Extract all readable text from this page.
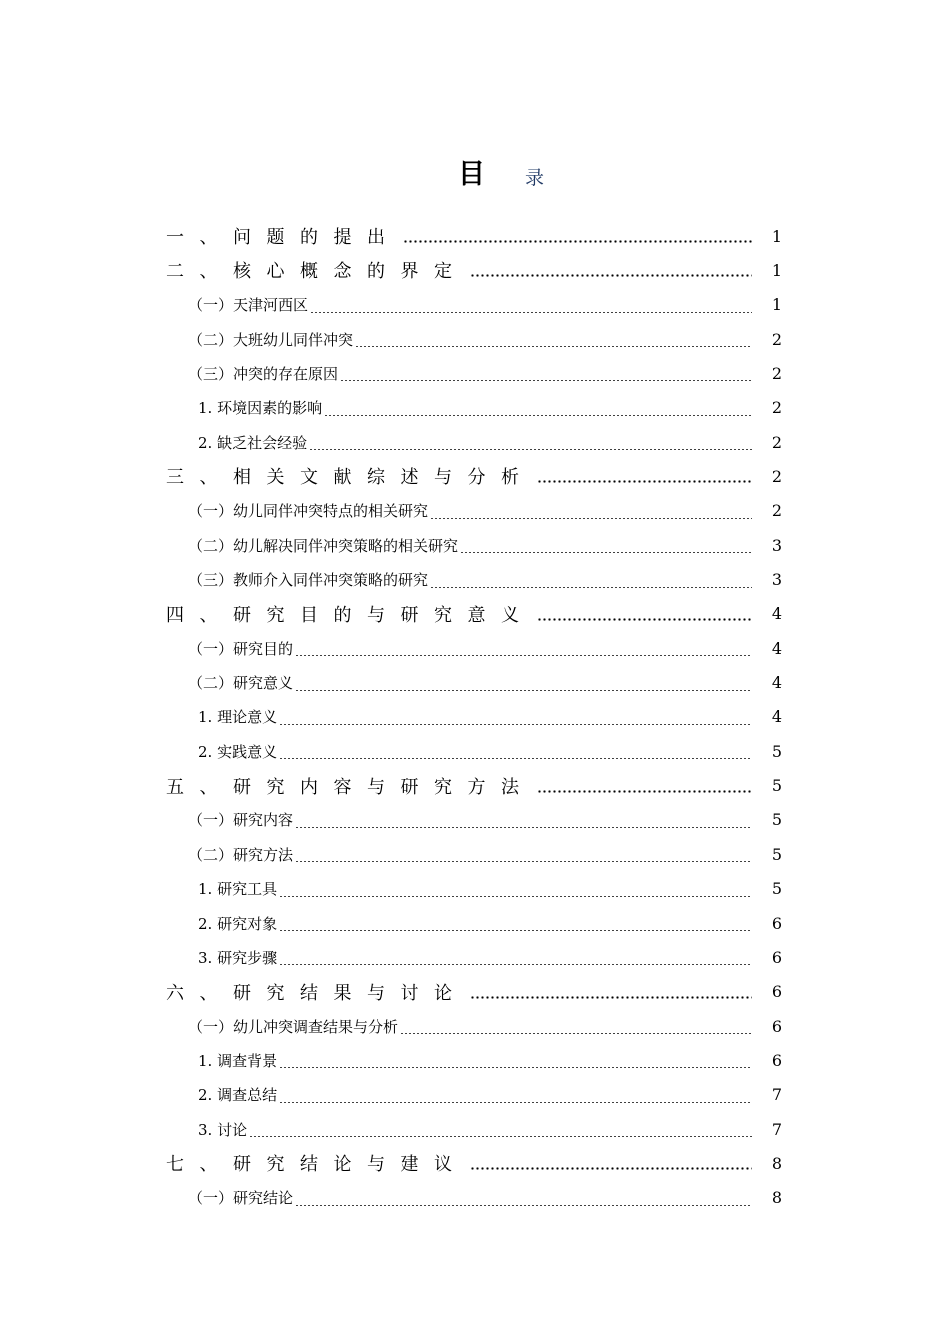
目 录
一、问题的提出	1
二、核心概念的界定	1
（一）天津河西区	1
（二）大班幼儿同伴冲突	2
（三）冲突的存在原因	2
1. 环境因素的影响	2
2. 缺乏社会经验	2
三、相关文献综述与分析	2
（一）幼儿同伴冲突特点的相关研究	2
（二）幼儿解决同伴冲突策略的相关研究	3
（三）教师介入同伴冲突策略的研究	3
四、研究目的与研究意义	4
（一）研究目的	4
（二）研究意义	4
1. 理论意义	4
2. 实践意义	5
五、研究内容与研究方法	5
（一）研究内容	5
（二）研究方法	5
1. 研究工具	5
2. 研究对象	6
3. 研究步骤	6
六、研究结果与讨论	6
（一）幼儿冲突调查结果与分析	6
1. 调查背景	6
2. 调查总结	7
3. 讨论	7
七、研究结论与建议	8
（一）研究结论	8
